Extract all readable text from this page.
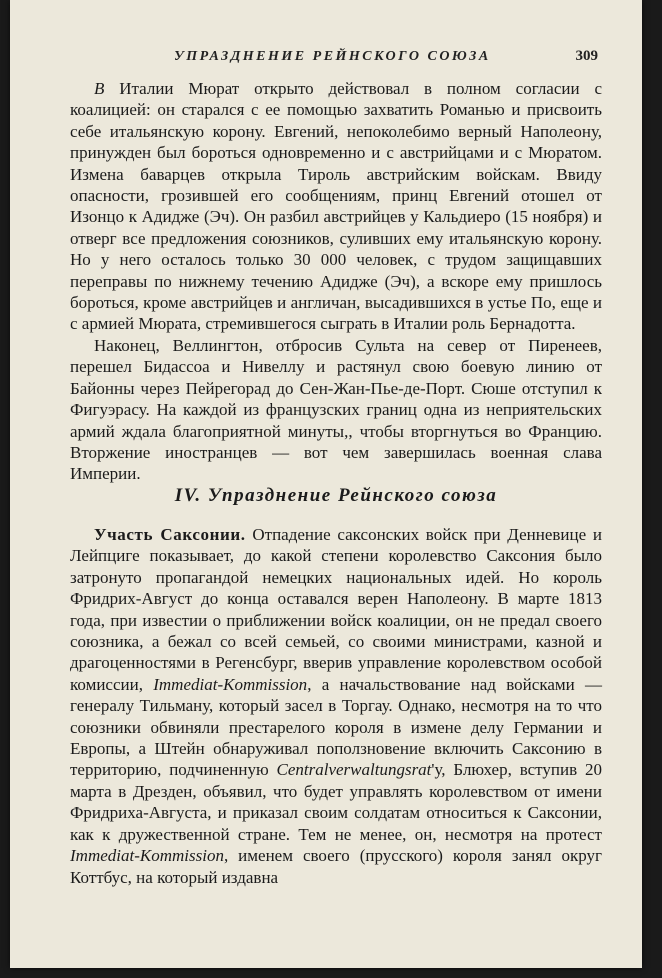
УПРАЗДНЕНИЕ РЕЙНСКОГО СОЮЗА	309

В Италии Мюрат открыто действовал в полном согласии с коалицией: он старался с ее помощью захватить Романью и присвоить себе итальянскую корону. Евгений, непоколебимо верный Наполеону, принужден был бороться одновременно и с австрийцами и с Мюратом. Измена баварцев открыла Тироль австрийским войскам. Ввиду опасности, грозившей его сообщениям, принц Евгений отошел от Изонцо к Адидже (Эч). Он разбил австрийцев у Кальдиеро (15 ноября) и отверг все предложения союзников, суливших ему итальянскую корону. Но у него осталось только 30 000 человек, с трудом защищавших переправы по нижнему течению Адидже (Эч), а вскоре ему пришлось бороться, кроме австрийцев и англичан, высадившихся в устье По, еще и с армией Мюрата, стремившегося сыграть в Италии роль Бернадотта.

Наконец, Веллингтон, отбросив Сульта на север от Пиренеев, перешел Бидассоа и Нивеллу и растянул свою боевую линию от Байонны через Пейрегорад до Сен-Жан-Пье-де-Порт. Сюше отступил к Фигуэрасу. На каждой из французских границ одна из неприятельских армий ждала благоприятной минуты,, чтобы вторгнуться во Францию. Вторжение иностранцев — вот чем завершилась военная слава Империи.

IV. Упразднение Рейнского союза

Участь Саксонии. Отпадение саксонских войск при Денневице и Лейпциге показывает, до какой степени королевство Саксония было затронуто пропагандой немецких национальных идей. Но король Фридрих-Август до конца оставался верен Наполеону. В марте 1813 года, при известии о приближении войск коалиции, он не предал своего союзника, а бежал со всей семьей, со своими министрами, казной и драгоценностями в Регенсбург, вверив управление королевством особой комиссии, Immediat-Kommission, а начальствование над войсками — генералу Тильману, который засел в Торгау. Однако, несмотря на то что союзники обвиняли престарелого короля в измене делу Германии и Европы, а Штейн обнаруживал поползновение включить Саксонию в территорию, подчиненную Centralverwaltungsrat'у, Блюхер, вступив 20 марта в Дрезден, объявил, что будет управлять королевством от имени Фридриха-Августа, и приказал своим солдатам относиться к Саксонии, как к дружественной стране. Тем не менее, он, несмотря на протест Immediat-Kommission, именем своего (прусского) короля занял округ Коттбус, на который издавна
